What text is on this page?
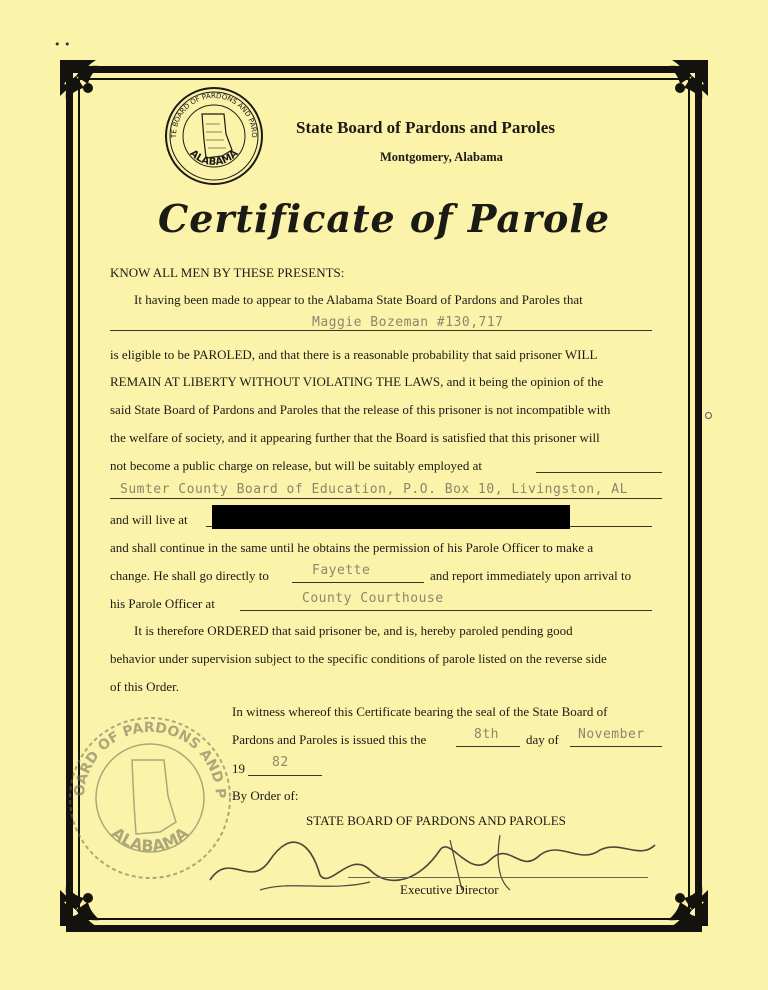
TE BOARD OF PARDONS AND PARO
ALABAMA
State Board of Pardons and Paroles
Montgomery, Alabama
Certificate of Parole
KNOW ALL MEN BY THESE PRESENTS:
It having been made to appear to the Alabama State Board of Pardons and Paroles that
Maggie Bozeman #130,717
is eligible to be PAROLED, and that there is a reasonable probability that said prisoner WILL
REMAIN AT LIBERTY WITHOUT VIOLATING THE LAWS, and it being the opinion of the
said State Board of Pardons and Paroles that the release of this prisoner is not incompatible with
the welfare of society, and it appearing further that the Board is satisfied that this prisoner will
not become a public charge on release, but will be suitably employed at
Sumter County Board of Education, P.O. Box 10, Livingston, AL
and will live at
and shall continue in the same until he obtains the permission of his Parole Officer to make a
change. He shall go directly to	Fayette	and report immediately upon arrival to
his Parole Officer at	County Courthouse
It is therefore ORDERED that said prisoner be, and is, hereby paroled pending good
behavior under supervision subject to the specific conditions of parole listed on the reverse side
of this Order.
In witness whereof this Certificate bearing the seal of the State Board of
Pardons and Paroles is issued this the	8th day of November
19 82
By Order of:
STATE BOARD OF PARDONS AND PAROLES
OARD OF PARDONS AND P
ALABAMA
Executive Director
• •
